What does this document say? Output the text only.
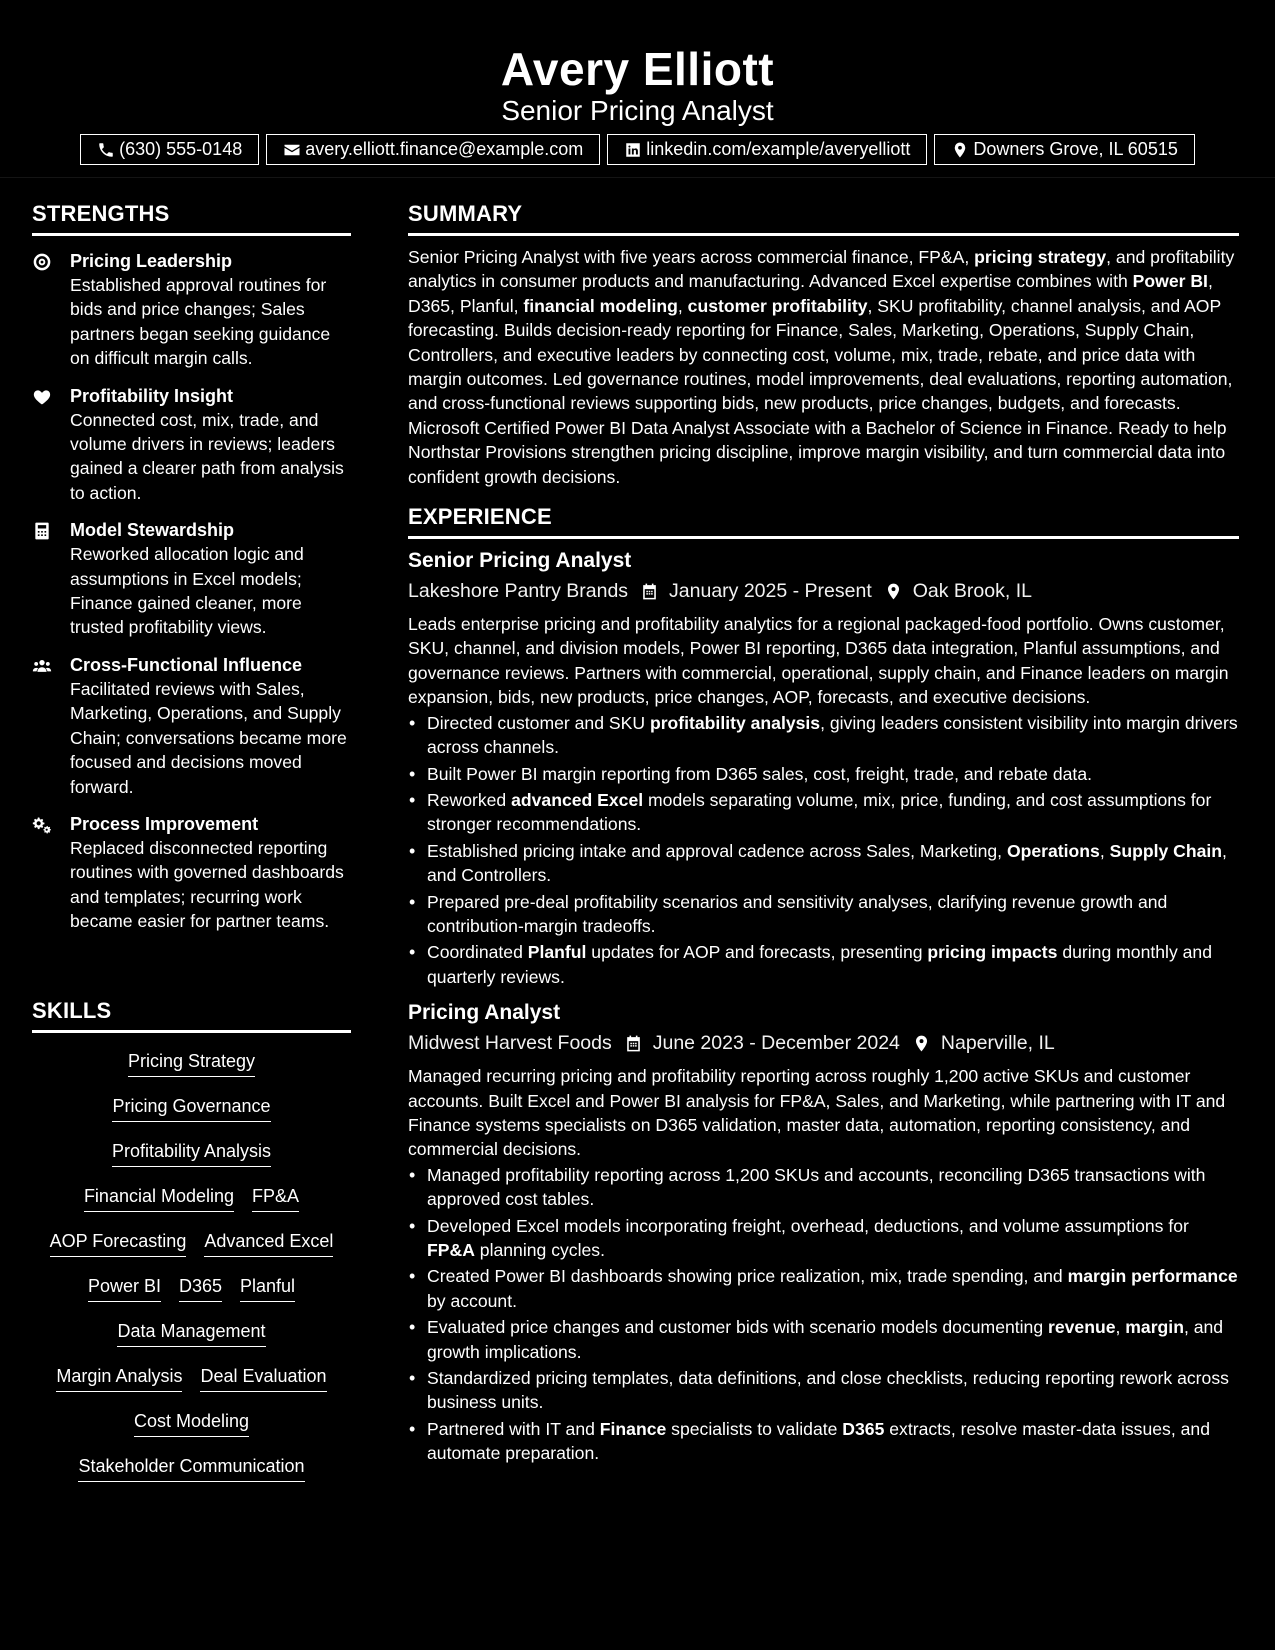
Avery Elliott
Senior Pricing Analyst
(630) 555-0148	avery.elliott.finance@example.com	linkedin.com/example/averyelliott	Downers Grove, IL 60515
STRENGTHS
Pricing Leadership
Established approval routines for bids and price changes; Sales partners began seeking guidance on difficult margin calls.
Profitability Insight
Connected cost, mix, trade, and volume drivers in reviews; leaders gained a clearer path from analysis to action.
Model Stewardship
Reworked allocation logic and assumptions in Excel models; Finance gained cleaner, more trusted profitability views.
Cross-Functional Influence
Facilitated reviews with Sales, Marketing, Operations, and Supply Chain; conversations became more focused and decisions moved forward.
Process Improvement
Replaced disconnected reporting routines with governed dashboards and templates; recurring work became easier for partner teams.
SKILLS
Pricing Strategy
Pricing Governance
Profitability Analysis
Financial Modeling FP&A
AOP Forecasting Advanced Excel
Power BI D365 Planful
Data Management
Margin Analysis Deal Evaluation
Cost Modeling
Stakeholder Communication
SUMMARY
Senior Pricing Analyst with five years across commercial finance, FP&A, pricing strategy, and profitability analytics in consumer products and manufacturing. Advanced Excel expertise combines with Power BI, D365, Planful, financial modeling, customer profitability, SKU profitability, channel analysis, and AOP forecasting. Builds decision-ready reporting for Finance, Sales, Marketing, Operations, Supply Chain, Controllers, and executive leaders by connecting cost, volume, mix, trade, rebate, and price data with margin outcomes. Led governance routines, model improvements, deal evaluations, reporting automation, and cross-functional reviews supporting bids, new products, price changes, budgets, and forecasts. Microsoft Certified Power BI Data Analyst Associate with a Bachelor of Science in Finance. Ready to help Northstar Provisions strengthen pricing discipline, improve margin visibility, and turn commercial data into confident growth decisions.
EXPERIENCE
Senior Pricing Analyst
Lakeshore Pantry Brands January 2025 - Present Oak Brook, IL
Leads enterprise pricing and profitability analytics for a regional packaged-food portfolio. Owns customer, SKU, channel, and division models, Power BI reporting, D365 data integration, Planful assumptions, and governance reviews. Partners with commercial, operational, supply chain, and Finance leaders on margin expansion, bids, new products, price changes, AOP, forecasts, and executive decisions.
• Directed customer and SKU profitability analysis, giving leaders consistent visibility into margin drivers across channels.
• Built Power BI margin reporting from D365 sales, cost, freight, trade, and rebate data.
• Reworked advanced Excel models separating volume, mix, price, funding, and cost assumptions for stronger recommendations.
• Established pricing intake and approval cadence across Sales, Marketing, Operations, Supply Chain, and Controllers.
• Prepared pre-deal profitability scenarios and sensitivity analyses, clarifying revenue growth and contribution-margin tradeoffs.
• Coordinated Planful updates for AOP and forecasts, presenting pricing impacts during monthly and quarterly reviews.
Pricing Analyst
Midwest Harvest Foods June 2023 - December 2024 Naperville, IL
Managed recurring pricing and profitability reporting across roughly 1,200 active SKUs and customer accounts. Built Excel and Power BI analysis for FP&A, Sales, and Marketing, while partnering with IT and Finance systems specialists on D365 validation, master data, automation, reporting consistency, and commercial decisions.
• Managed profitability reporting across 1,200 SKUs and accounts, reconciling D365 transactions with approved cost tables.
• Developed Excel models incorporating freight, overhead, deductions, and volume assumptions for FP&A planning cycles.
• Created Power BI dashboards showing price realization, mix, trade spending, and margin performance by account.
• Evaluated price changes and customer bids with scenario models documenting revenue, margin, and growth implications.
• Standardized pricing templates, data definitions, and close checklists, reducing reporting rework across business units.
• Partnered with IT and Finance specialists to validate D365 extracts, resolve master-data issues, and automate preparation.
